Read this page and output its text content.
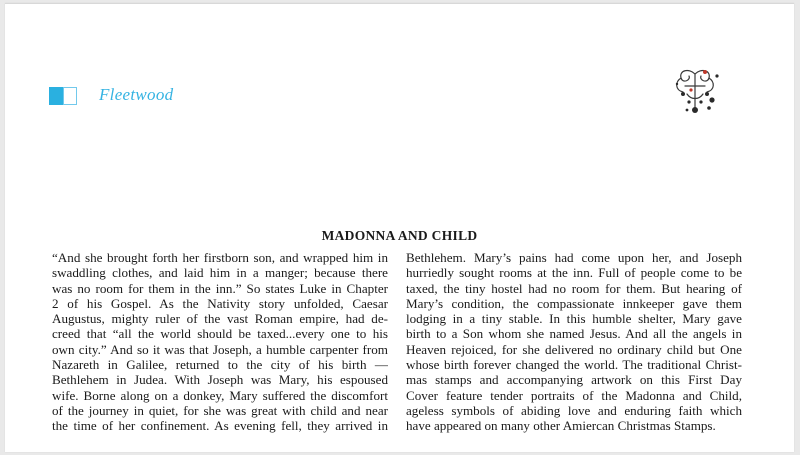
Fleetwood
MADONNA AND CHILD
“And she brought forth her firstborn son, and wrapped him in
swaddling clothes, and laid him in a manger; because there
was no room for them in the inn.” So states Luke in Chapter
2 of his Gospel. As the Nativity story unfolded, Caesar
Augustus, mighty ruler of the vast Roman empire, had de-
creed that “all the world should be taxed...every one to his
own city.” And so it was that Joseph, a humble carpenter from
Nazareth in Galilee, returned to the city of his birth —
Bethlehem in Judea. With Joseph was Mary, his espoused
wife. Borne along on a donkey, Mary suffered the discomfort
of the journey in quiet, for she was great with child and near
the time of her confinement. As evening fell, they arrived in
Bethlehem. Mary’s pains had come upon her, and Joseph
hurriedly sought rooms at the inn. Full of people come to be
taxed, the tiny hostel had no room for them. But hearing of
Mary’s condition, the compassionate innkeeper gave them
lodging in a tiny stable. In this humble shelter, Mary gave
birth to a Son whom she named Jesus. And all the angels in
Heaven rejoiced, for she delivered no ordinary child but One
whose birth forever changed the world. The traditional Christ-
mas stamps and accompanying artwork on this First Day
Cover feature tender portraits of the Madonna and Child,
ageless symbols of abiding love and enduring faith which
have appeared on many other Amiercan Christmas Stamps.
